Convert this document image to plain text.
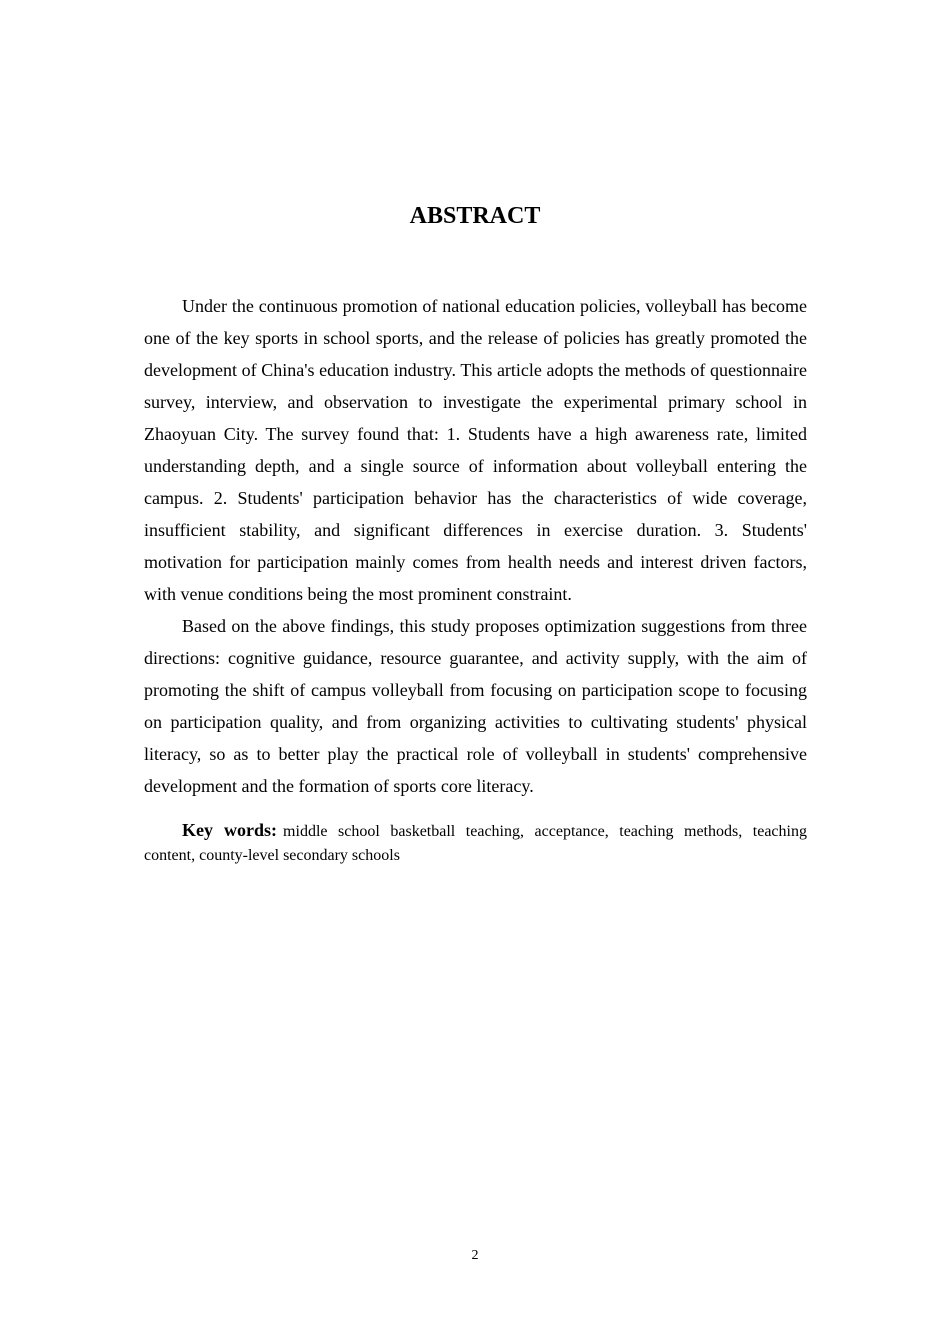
ABSTRACT

Under the continuous promotion of national education policies, volleyball has become one of the key sports in school sports, and the release of policies has greatly promoted the development of China's education industry. This article adopts the methods of questionnaire survey, interview, and observation to investigate the experimental primary school in Zhaoyuan City. The survey found that: 1. Students have a high awareness rate, limited understanding depth, and a single source of information about volleyball entering the campus. 2. Students' participation behavior has the characteristics of wide coverage, insufficient stability, and significant differences in exercise duration. 3. Students' motivation for participation mainly comes from health needs and interest driven factors, with venue conditions being the most prominent constraint.

Based on the above findings, this study proposes optimization suggestions from three directions: cognitive guidance, resource guarantee, and activity supply, with the aim of promoting the shift of campus volleyball from focusing on participation scope to focusing on participation quality, and from organizing activities to cultivating students' physical literacy, so as to better play the practical role of volleyball in students' comprehensive development and the formation of sports core literacy.

Key words: middle school basketball teaching, acceptance, teaching methods, teaching content, county-level secondary schools

2
